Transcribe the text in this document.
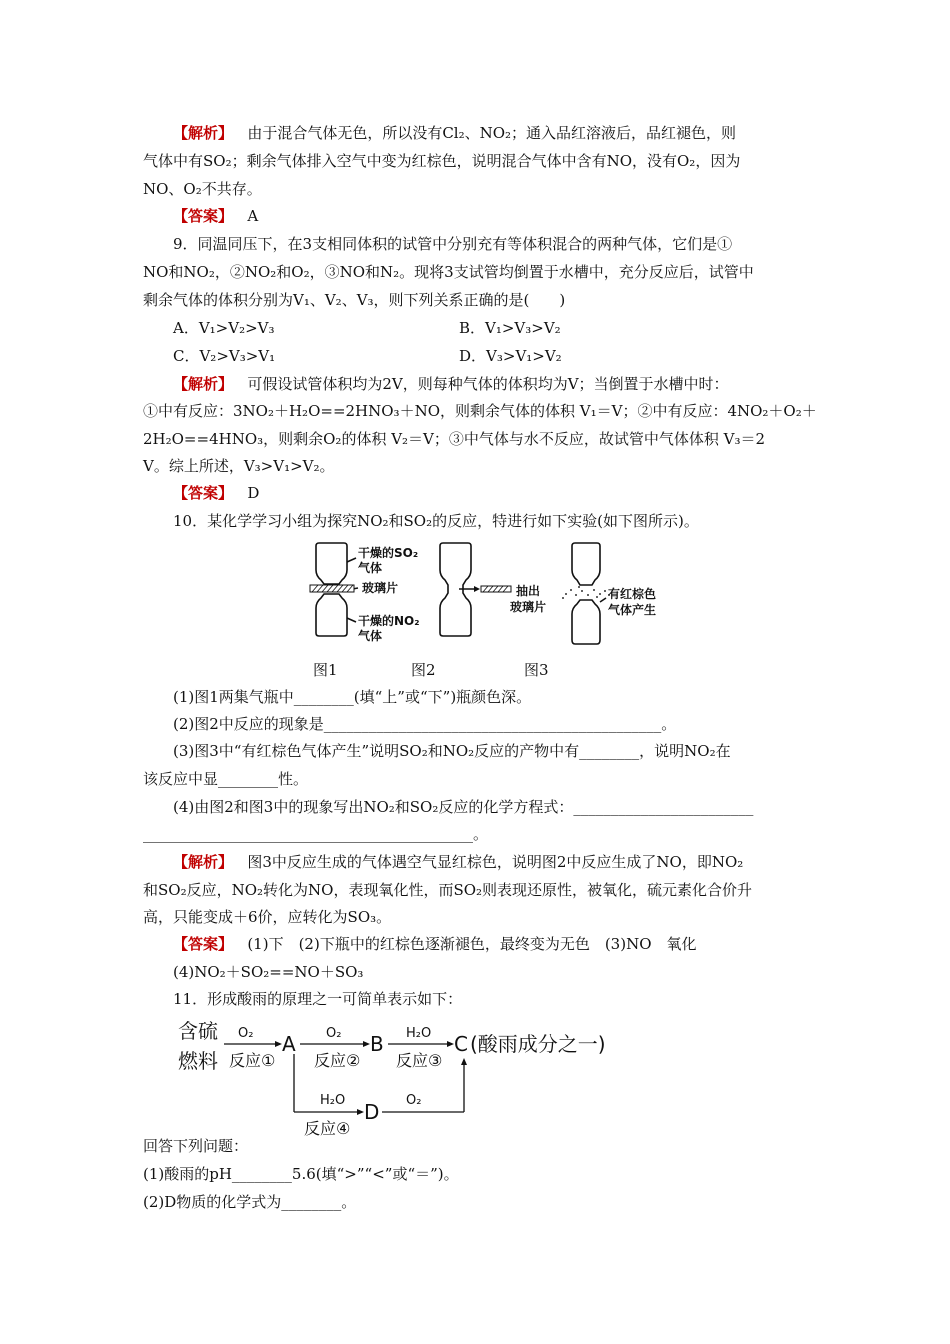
【解析】 由于混合气体无色，所以没有Cl₂、NO₂；通入品红溶液后，品红褪色，则
气体中有SO₂；剩余气体排入空气中变为红棕色，说明混合气体中含有NO，没有O₂，因为
NO、O₂不共存。
【答案】 A
9．同温同压下，在3支相同体积的试管中分别充有等体积混合的两种气体，它们是①
NO和NO₂，②NO₂和O₂，③NO和N₂。现将3支试管均倒置于水槽中，充分反应后，试管中
剩余气体的体积分别为V₁、V₂、V₃，则下列关系正确的是(　　)
A．V₁>V₂>V₃	B．V₁>V₃>V₂
C．V₂>V₃>V₁	D．V₃>V₁>V₂
【解析】 可假设试管体积均为2V，则每种气体的体积均为V；当倒置于水槽中时：
①中有反应：3NO₂＋H₂O==2HNO₃＋NO，则剩余气体的体积 V₁＝V；②中有反应：4NO₂＋O₂＋
2H₂O==4HNO₃，则剩余O₂的体积 V₂＝V；③中气体与水不反应，故试管中气体体积 V₃＝2
V。综上所述，V₃>V₁>V₂。
【答案】 D
10．某化学学习小组为探究NO₂和SO₂的反应，特进行如下实验(如下图所示)。
干燥的SO₂
气体
玻璃片
干燥的NO₂
气体
抽出
玻璃片
有红棕色
气体产生
图1	图2	图3
(1)图1两集气瓶中________(填“上”或“下”)瓶颜色深。
(2)图2中反应的现象是_____________________________________________。
(3)图3中“有红棕色气体产生”说明SO₂和NO₂反应的产物中有________，说明NO₂在
该反应中显________性。
(4)由图2和图3中的现象写出NO₂和SO₂反应的化学方程式：________________________
____________________________________________。
【解析】 图3中反应生成的气体遇空气显红棕色，说明图2中反应生成了NO，即NO₂
和SO₂反应，NO₂转化为NO，表现氧化性，而SO₂则表现还原性，被氧化，硫元素化合价升
高，只能变成＋6价，应转化为SO₃。
【答案】 (1)下　(2)下瓶中的红棕色逐渐褪色，最终变为无色　(3)NO　氧化
(4)NO₂＋SO₂==NO＋SO₃
11．形成酸雨的原理之一可简单表示如下：
含硫
燃料
O₂	O₂	H₂O
反应① 反应② 反应③
A	B	C (酸雨成分之一)
H₂O	O₂
D
反应④
回答下列问题：
(1)酸雨的pH________5.6(填“>”“<”或“＝”)。
(2)D物质的化学式为________。
